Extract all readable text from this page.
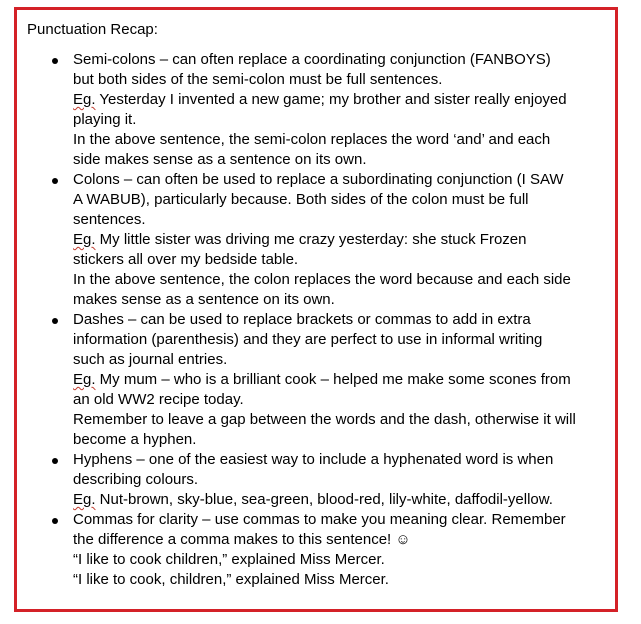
Punctuation Recap:
Semi-colons – can often replace a coordinating conjunction (FANBOYS)
but both sides of the semi-colon must be full sentences.
Eg. Yesterday I invented a new game; my brother and sister really enjoyed
playing it.
In the above sentence, the semi-colon replaces the word ‘and’ and each
side makes sense as a sentence on its own.
Colons – can often be used to replace a subordinating conjunction (I SAW
A WABUB), particularly because. Both sides of the colon must be full
sentences.
Eg. My little sister was driving me crazy yesterday: she stuck Frozen
stickers all over my bedside table.
In the above sentence, the colon replaces the word because and each side
makes sense as a sentence on its own.
Dashes – can be used to replace brackets or commas to add in extra
information (parenthesis) and they are perfect to use in informal writing
such as journal entries.
Eg. My mum – who is a brilliant cook – helped me make some scones from
an old WW2 recipe today.
Remember to leave a gap between the words and the dash, otherwise it will
become a hyphen.
Hyphens – one of the easiest way to include a hyphenated word is when
describing colours.
Eg. Nut-brown, sky-blue, sea-green, blood-red, lily-white, daffodil-yellow.
Commas for clarity – use commas to make you meaning clear. Remember
the difference a comma makes to this sentence! ☺
“I like to cook children,” explained Miss Mercer.
“I like to cook, children,” explained Miss Mercer.
